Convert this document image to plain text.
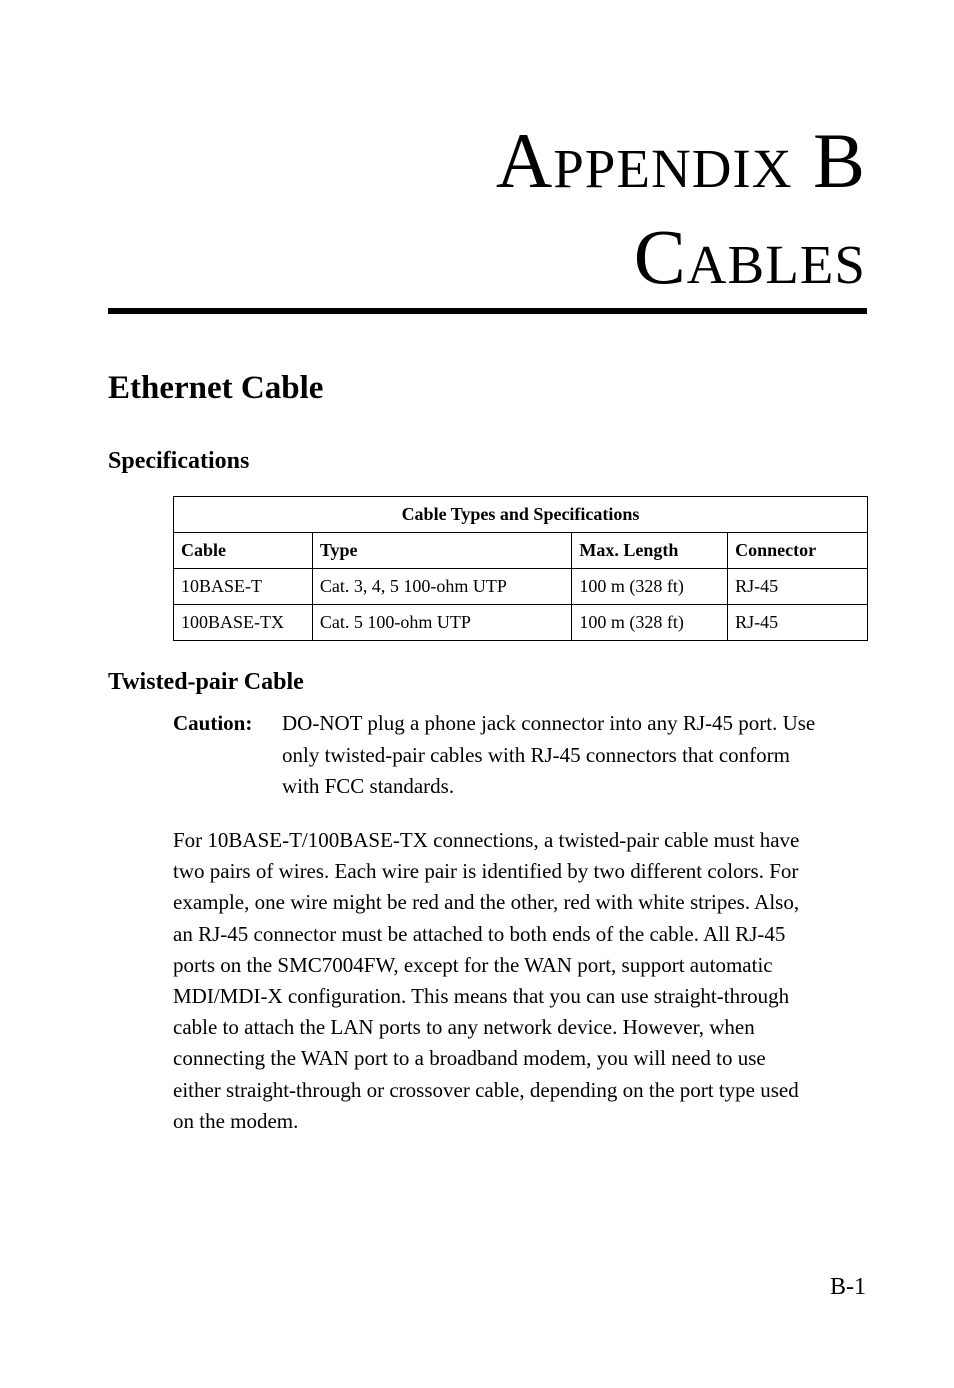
Appendix B
Cables
Ethernet Cable
Specifications
Cable Types and Specifications			
Cable	Type	Max. Length	Connector
10BASE-T	Cat. 3, 4, 5 100-ohm UTP	100 m (328 ft)	RJ-45
100BASE-TX	Cat. 5 100-ohm UTP	100 m (328 ft)	RJ-45
Twisted-pair Cable
Caution: DO-NOT plug a phone jack connector into any RJ-45 port. Use only twisted-pair cables with RJ-45 connectors that conform with FCC standards.

For 10BASE-T/100BASE-TX connections, a twisted-pair cable must have two pairs of wires. Each wire pair is identified by two different colors. For example, one wire might be red and the other, red with white stripes. Also, an RJ-45 connector must be attached to both ends of the cable. All RJ-45 ports on the SMC7004FW, except for the WAN port, support automatic MDI/MDI-X configuration. This means that you can use straight-through cable to attach the LAN ports to any network device. However, when connecting the WAN port to a broadband modem, you will need to use either straight-through or crossover cable, depending on the port type used on the modem.

B-1
